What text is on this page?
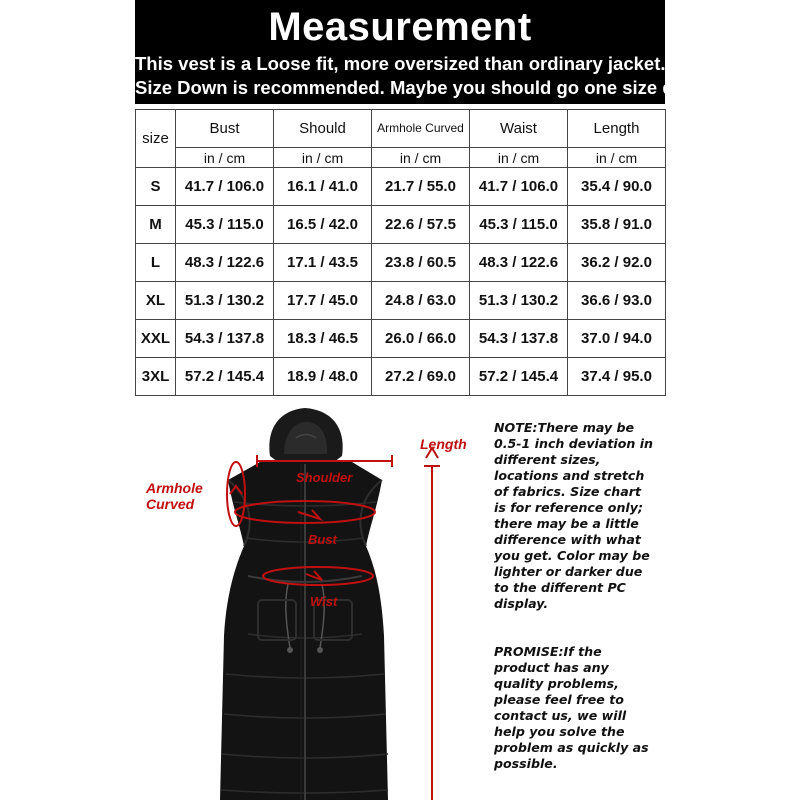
Measurement
This vest is a Loose fit, more oversized than ordinary jacket.
Size Down is recommended. Maybe you should go one size down.
size	Bust	Should	Armhole Curved	Waist	Length
	in / cm	in / cm	in / cm	in / cm	in / cm
S	41.7 / 106.0	16.1 / 41.0	21.7 / 55.0	41.7 / 106.0	35.4 / 90.0
M	45.3 / 115.0	16.5 / 42.0	22.6 / 57.5	45.3 / 115.0	35.8 / 91.0
L	48.3 / 122.6	17.1 / 43.5	23.8 / 60.5	48.3 / 122.6	36.2 / 92.0
XL	51.3 / 130.2	17.7 / 45.0	24.8 / 63.0	51.3 / 130.2	36.6 / 93.0
XXL	54.3 / 137.8	18.3 / 46.5	26.0 / 66.0	54.3 / 137.8	37.0 / 94.0
3XL	57.2 / 145.4	18.9 / 48.0	27.2 / 69.0	57.2 / 145.4	37.4 / 95.0
Armhole
Curved
Shoulder
Bust
Wist
Length
NOTE:There may be 0.5-1 inch deviation in different sizes, locations and stretch of fabrics. Size chart is for reference only; there may be a little difference with what you get. Color may be lighter or darker due to the different PC display.
PROMISE:If the product has any quality problems, please feel free to contact us, we will help you solve the problem as quickly as possible.
